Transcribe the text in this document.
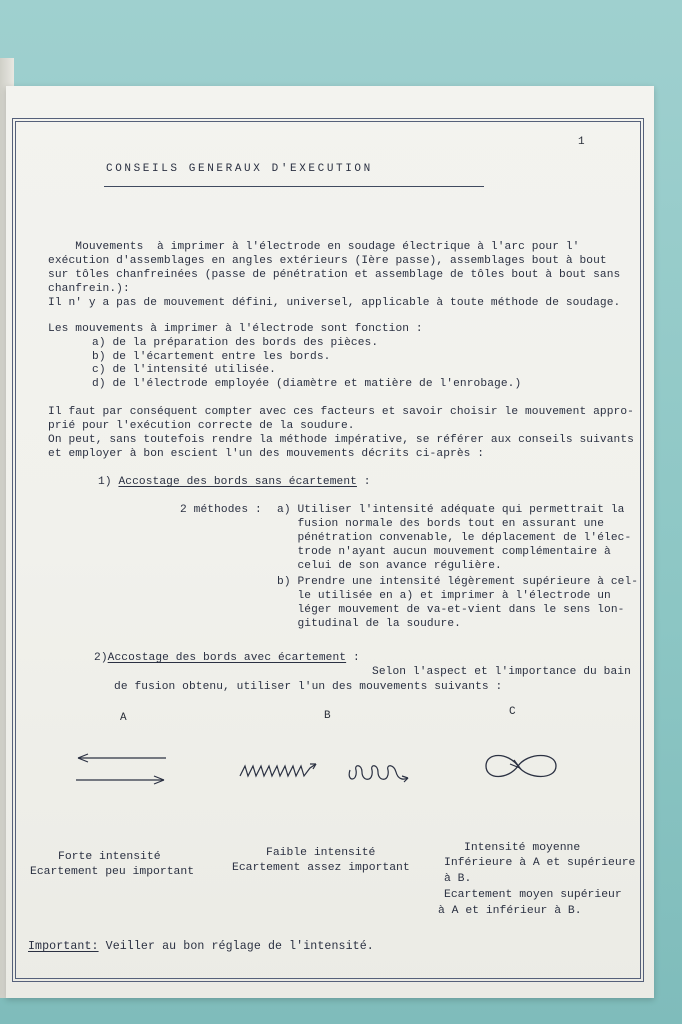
1
CONSEILS GENERAUX D'EXECUTION
Mouvements  à imprimer à l'électrode en soudage électrique à l'arc pour l'
exécution d'assemblages en angles extérieurs (Ière passe), assemblages bout à bout
sur tôles chanfreinées (passe de pénétration et assemblage de tôles bout à bout sans
chanfrein.):
Il n' y a pas de mouvement défini, universel, applicable à toute méthode de soudage.
Les mouvements à imprimer à l'électrode sont fonction :
a) de la préparation des bords des pièces.
b) de l'écartement entre les bords.
c) de l'intensité utilisée.
d) de l'électrode employée (diamètre et matière de l'enrobage.)
Il faut par conséquent compter avec ces facteurs et savoir choisir le mouvement appro-
prié pour l'exécution correcte de la soudure.
On peut, sans toutefois rendre la méthode impérative, se référer aux conseils suivants
et employer à bon escient l'un des mouvements décrits ci-après :
1) Accostage des bords sans écartement :
2 méthodes : a) Utiliser l'intensité adéquate qui permettrait la
fusion normale des bords tout en assurant une
pénétration convenable, le déplacement de l'élec-
trode n'ayant aucun mouvement complémentaire à
celui de son avance régulière.
b) Prendre une intensité légèrement supérieure à cel-
le utilisée en a) et imprimer à l'électrode un
léger mouvement de va-et-vient dans le sens lon-
gitudinal de la soudure.
2)Accostage des bords avec écartement :
Selon l'aspect et l'importance du bain
de fusion obtenu, utiliser l'un des mouvements suivants :
A	B	C
Forte intensité
Ecartement peu important
Faible intensité
Ecartement assez important
Intensité moyenne
Inférieure à A et supérieure
à B.
Ecartement moyen supérieur
à A et inférieur à B.
Important: Veiller au bon réglage de l'intensité.
